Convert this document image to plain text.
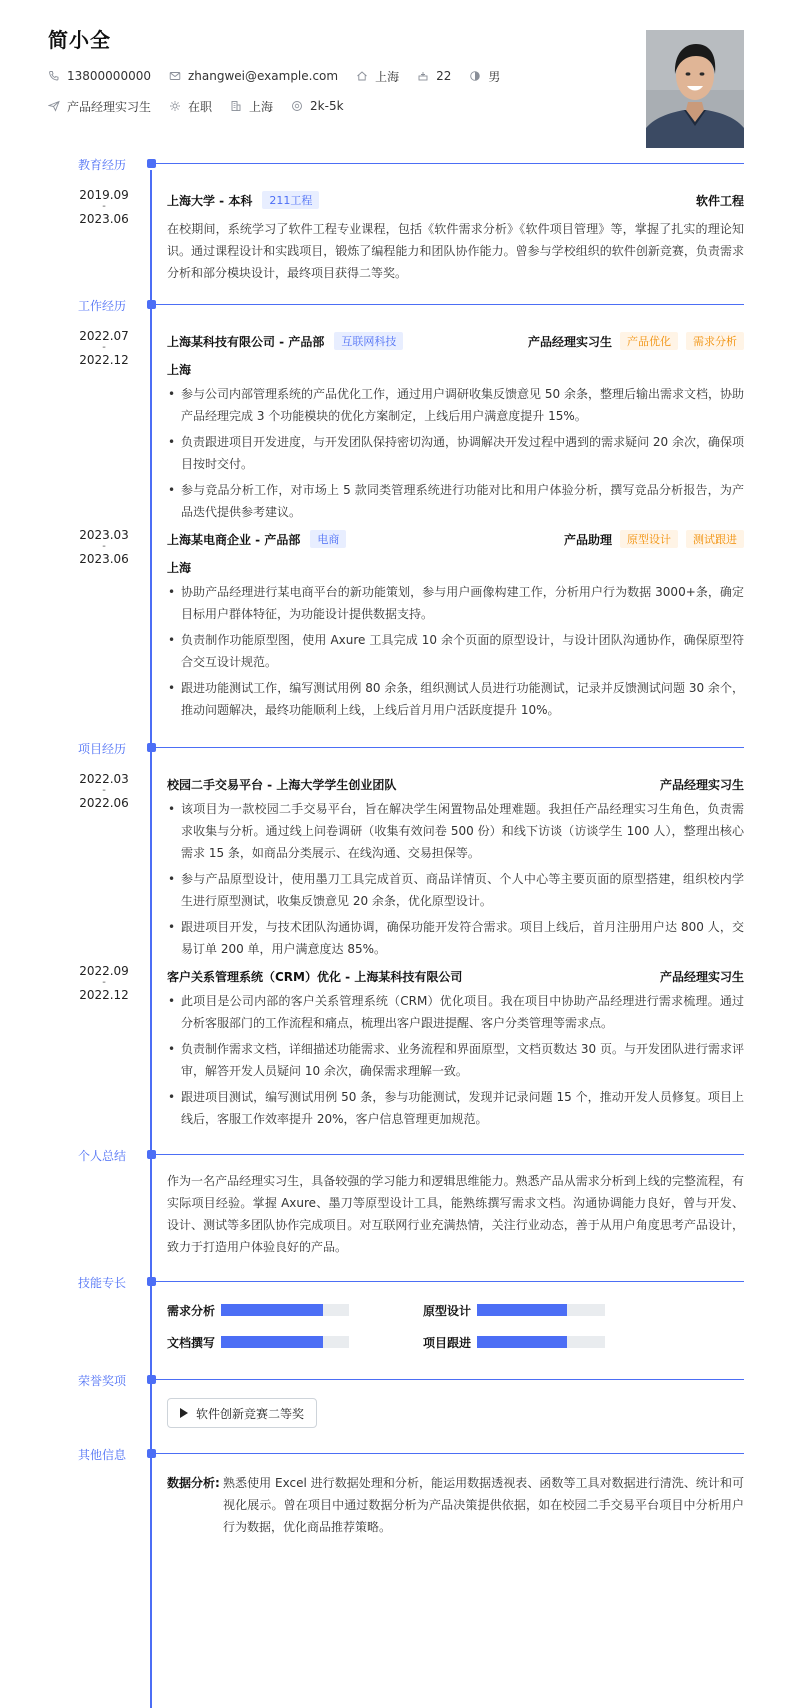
简小全
13800000000	zhangwei@example.com	上海	22	男
产品经理实习生	在职	上海	2k-5k
教育经历
2019.09
-
2023.06
上海大学 - 本科	211工程	软件工程
在校期间，系统学习了软件工程专业课程，包括《软件需求分析》《软件项目管理》等，掌握了扎实的理论知识。通过课程设计和实践项目，锻炼了编程能力和团队协作能力。曾参与学校组织的软件创新竞赛，负责需求分析和部分模块设计，最终项目获得二等奖。
工作经历
2022.07
-
2022.12
上海某科技有限公司 - 产品部	互联网科技	产品经理实习生	产品优化	需求分析
上海
• 参与公司内部管理系统的产品优化工作，通过用户调研收集反馈意见 50 余条，整理后输出需求文档，协助产品经理完成 3 个功能模块的优化方案制定，上线后用户满意度提升 15%。
• 负责跟进项目开发进度，与开发团队保持密切沟通，协调解决开发过程中遇到的需求疑问 20 余次，确保项目按时交付。
• 参与竞品分析工作，对市场上 5 款同类管理系统进行功能对比和用户体验分析，撰写竞品分析报告，为产品迭代提供参考建议。
2023.03
-
2023.06
上海某电商企业 - 产品部	电商	产品助理	原型设计	测试跟进
上海
• 协助产品经理进行某电商平台的新功能策划，参与用户画像构建工作，分析用户行为数据 3000+条，确定目标用户群体特征，为功能设计提供数据支持。
• 负责制作功能原型图，使用 Axure 工具完成 10 余个页面的原型设计，与设计团队沟通协作，确保原型符合交互设计规范。
• 跟进功能测试工作，编写测试用例 80 余条，组织测试人员进行功能测试，记录并反馈测试问题 30 余个，推动问题解决，最终功能顺利上线，上线后首月用户活跃度提升 10%。
项目经历
2022.03
-
2022.06
校园二手交易平台 - 上海大学学生创业团队	产品经理实习生
• 该项目为一款校园二手交易平台，旨在解决学生闲置物品处理难题。我担任产品经理实习生角色，负责需求收集与分析。通过线上问卷调研（收集有效问卷 500 份）和线下访谈（访谈学生 100 人），整理出核心需求 15 条，如商品分类展示、在线沟通、交易担保等。
• 参与产品原型设计，使用墨刀工具完成首页、商品详情页、个人中心等主要页面的原型搭建，组织校内学生进行原型测试，收集反馈意见 20 余条，优化原型设计。
• 跟进项目开发，与技术团队沟通协调，确保功能开发符合需求。项目上线后，首月注册用户达 800 人，交易订单 200 单，用户满意度达 85%。
2022.09
-
2022.12
客户关系管理系统（CRM）优化 - 上海某科技有限公司	产品经理实习生
• 此项目是公司内部的客户关系管理系统（CRM）优化项目。我在项目中协助产品经理进行需求梳理。通过分析客服部门的工作流程和痛点，梳理出客户跟进提醒、客户分类管理等需求点。
• 负责制作需求文档，详细描述功能需求、业务流程和界面原型，文档页数达 30 页。与开发团队进行需求评审，解答开发人员疑问 10 余次，确保需求理解一致。
• 跟进项目测试，编写测试用例 50 条，参与功能测试，发现并记录问题 15 个，推动开发人员修复。项目上线后，客服工作效率提升 20%，客户信息管理更加规范。
个人总结
作为一名产品经理实习生，具备较强的学习能力和逻辑思维能力。熟悉产品从需求分析到上线的完整流程，有实际项目经验。掌握 Axure、墨刀等原型设计工具，能熟练撰写需求文档。沟通协调能力良好，曾与开发、设计、测试等多团队协作完成项目。对互联网行业充满热情，关注行业动态，善于从用户角度思考产品设计，致力于打造用户体验良好的产品。
技能专长
需求分析	原型设计
文档撰写	项目跟进
荣誉奖项
软件创新竞赛二等奖
其他信息
数据分析: 熟悉使用 Excel 进行数据处理和分析，能运用数据透视表、函数等工具对数据进行清洗、统计和可视化展示。曾在项目中通过数据分析为产品决策提供依据，如在校园二手交易平台项目中分析用户行为数据，优化商品推荐策略。
